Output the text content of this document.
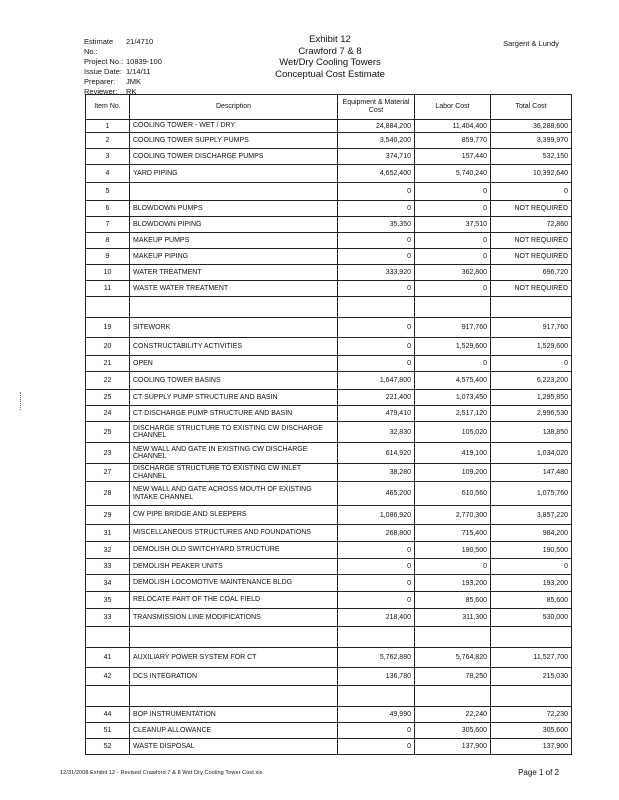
Estimate No.:
21/4710
Project No.: 10839-100
Issue Date: 1/14/11
Preparer:	JMK
Reviewer:	RK
Exhibit 12
Crawford 7 & 8
Wet/Dry Cooling Towers
Conceptual Cost Estimate
Sargent & Lundy
Item No.	Description	Equipment & Material Cost	Labor Cost	Total Cost
1	COOLING TOWER - WET / DRY	24,884,200	11,404,400	36,288,600
2	COOLING TOWER SUPPLY PUMPS	3,540,200	859,770	3,399,970
3	COOLING TOWER DISCHARGE PUMPS	374,710	157,440	532,150
4	YARD PIPING	4,652,400	5,740,240	10,392,640
5		0	0	0
6	BLOWDOWN PUMPS	0	0	NOT REQUIRED
7	BLOWDOWN PIPING	35,350	37,510	72,860
8	MAKEUP PUMPS	0	0	NOT REQUIRED
9	MAKEUP PIPING	0	0	NOT REQUIRED
10	WATER TREATMENT	333,920	362,800	696,720
11	WASTE WATER TREATMENT	0	0	NOT REQUIRED

19	SITEWORK	0	917,760	917,760
20	CONSTRUCTABILITY ACTIVITIES	0	1,529,600	1,529,600
21	OPEN	0	0	0
22	COOLING TOWER BASINS	1,647,800	4,575,400	6,223,200
25	CT SUPPLY PUMP STRUCTURE AND BASIN	221,400	1,073,450	1,295,850
24	CT DISCHARGE PUMP STRUCTURE AND BASIN	479,410	2,517,120	2,996,530
25	DISCHARGE STRUCTURE TO EXISTING CW DISCHARGE CHANNEL	32,830	105,020	138,850
23	NEW WALL AND GATE IN EXISTING CW DISCHARGE CHANNEL	614,920	419,100	1,034,020
27	DISCHARGE STRUCTURE TO EXISTING CW INLET CHANNEL	38,280	109,200	147,480
28	NEW WALL AND GATE ACROSS MOUTH OF EXISTING INTAKE CHANNEL	465,200	610,560	1,075,760
29	CW PIPE BRIDGE AND SLEEPERS	1,086,920	2,770,300	3,857,220
31	MISCELLANEOUS STRUCTURES AND FOUNDATIONS	268,800	715,400	984,200
32	DEMOLISH OLD SWITCHYARD STRUCTURE	0	190,500	190,500
33	DEMOLISH PEAKER UNITS	0	0	0
34	DEMOLISH LOCOMOTIVE MAINTENANCE BLDG	0	193,200	193,200
35	RELOCATE PART OF THE COAL FIELD	0	85,600	85,600
33	TRANSMISSION LINE MODIFICATIONS	218,400	311,300	530,000

41	AUXILIARY POWER SYSTEM FOR CT	5,762,880	5,764,820	11,527,700
42	DCS INTEGRATION	136,780	78,250	215,030

44	BOP INSTRUMENTATION	49,990	22,240	72,230
51	CLEANUP ALLOWANCE	0	305,600	305,600
52	WASTE DISPOSAL	0	137,900	137,900
12/31/2008 Exhibit 12 - Revised Crawford 7 & 8 Wet Dry Cooling Tower Cost.xls	Page 1 of 2
